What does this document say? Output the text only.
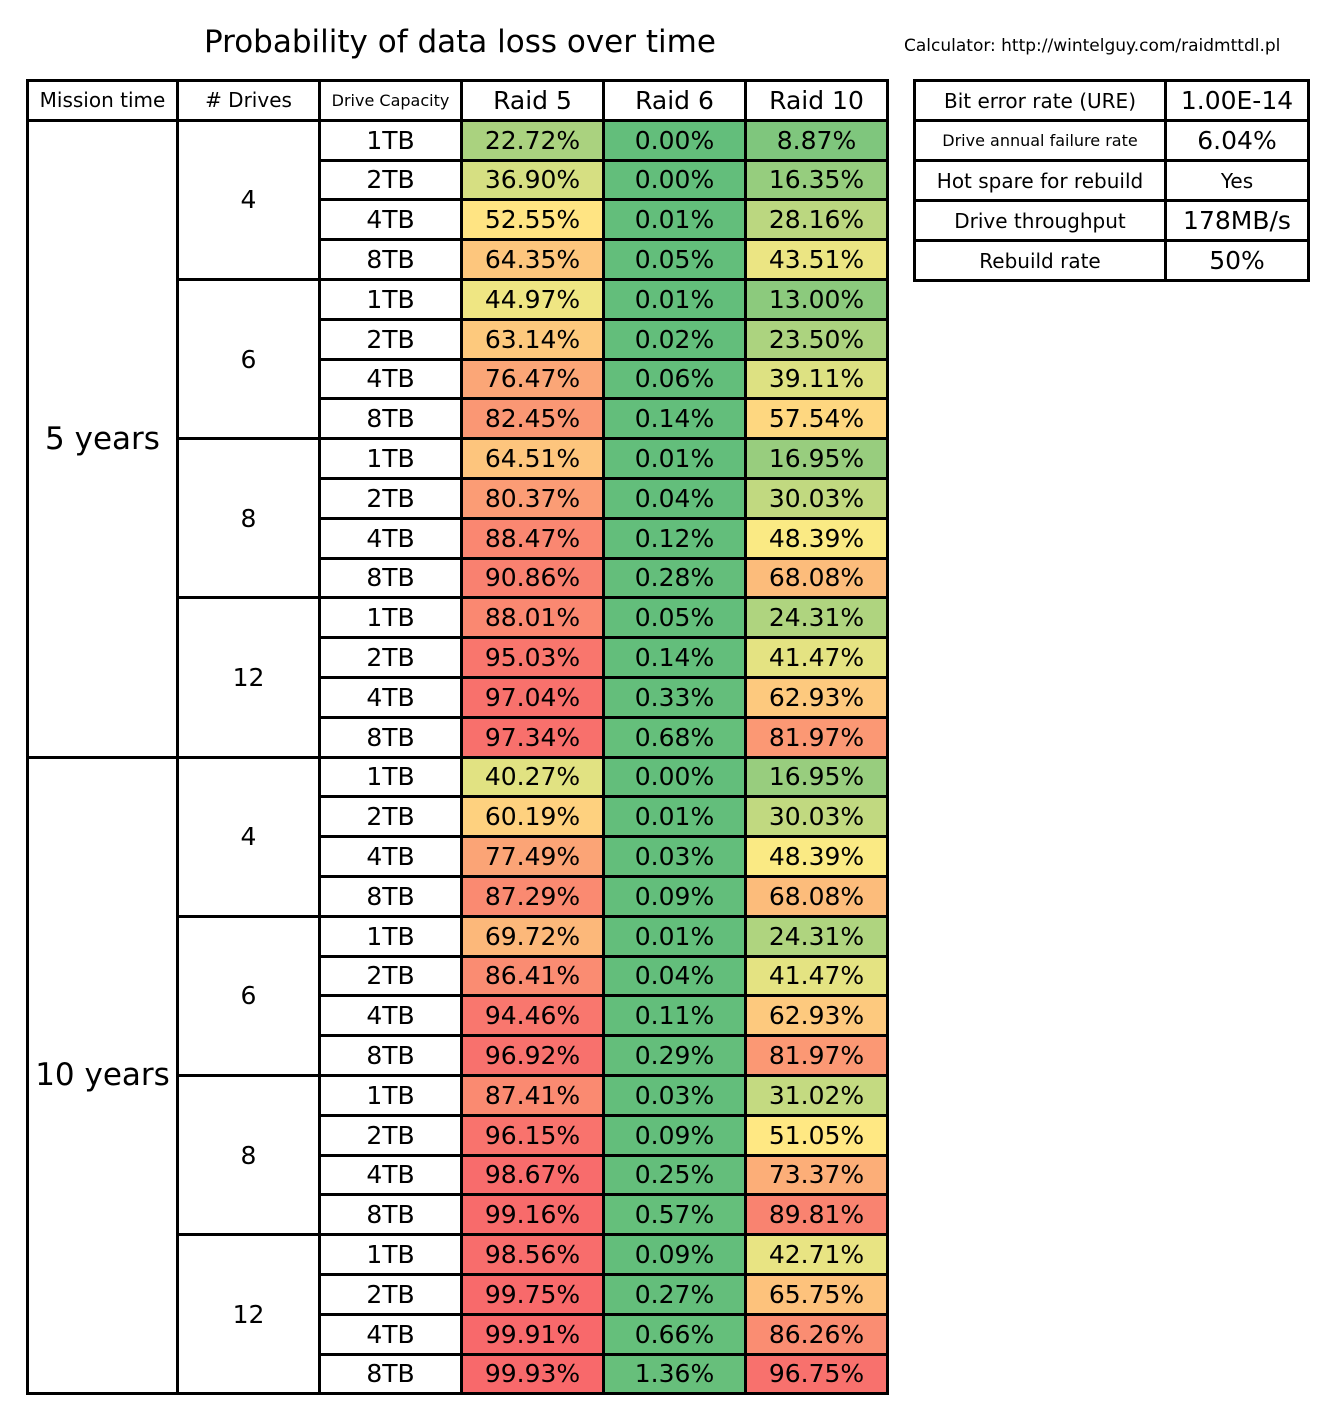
Probability of data loss over time	Calculator: http://wintelguy.com/raidmttdl.pl
Mission time	# Drives	Drive Capacity	Raid 5	Raid 6	Raid 10
5 years	4	1TB	22.72%	0.00%	8.87%
		2TB	36.90%	0.00%	16.35%
		4TB	52.55%	0.01%	28.16%
		8TB	64.35%	0.05%	43.51%
	6	1TB	44.97%	0.01%	13.00%
		2TB	63.14%	0.02%	23.50%
		4TB	76.47%	0.06%	39.11%
		8TB	82.45%	0.14%	57.54%
	8	1TB	64.51%	0.01%	16.95%
		2TB	80.37%	0.04%	30.03%
		4TB	88.47%	0.12%	48.39%
		8TB	90.86%	0.28%	68.08%
	12	1TB	88.01%	0.05%	24.31%
		2TB	95.03%	0.14%	41.47%
		4TB	97.04%	0.33%	62.93%
		8TB	97.34%	0.68%	81.97%
10 years	4	1TB	40.27%	0.00%	16.95%
		2TB	60.19%	0.01%	30.03%
		4TB	77.49%	0.03%	48.39%
		8TB	87.29%	0.09%	68.08%
	6	1TB	69.72%	0.01%	24.31%
		2TB	86.41%	0.04%	41.47%
		4TB	94.46%	0.11%	62.93%
		8TB	96.92%	0.29%	81.97%
	8	1TB	87.41%	0.03%	31.02%
		2TB	96.15%	0.09%	51.05%
		4TB	98.67%	0.25%	73.37%
		8TB	99.16%	0.57%	89.81%
	12	1TB	98.56%	0.09%	42.71%
		2TB	99.75%	0.27%	65.75%
		4TB	99.91%	0.66%	86.26%
		8TB	99.93%	1.36%	96.75%
Bit error rate (URE)	1.00E-14
Drive annual failure rate	6.04%
Hot spare for rebuild	Yes
Drive throughput	178MB/s
Rebuild rate	50%
